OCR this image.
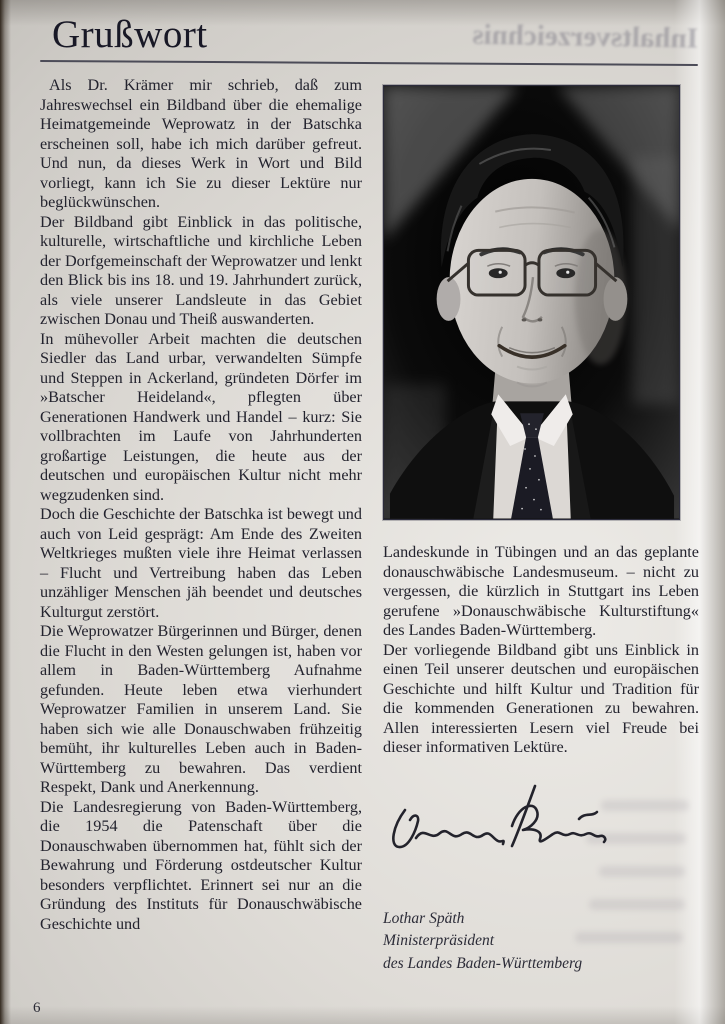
Inhaltsverzeichnis
Grußwort

Als Dr. Krämer mir schrieb, daß zum Jahreswechsel ein Bildband über die ehemalige Heimatgemeinde Weprowatz in der Batschka erscheinen soll, habe ich mich darüber gefreut. Und nun, da dieses Werk in Wort und Bild vorliegt, kann ich Sie zu dieser Lektüre nur beglückwünschen.

Der Bildband gibt Einblick in das politische, kulturelle, wirtschaftliche und kirchliche Leben der Dorfgemeinschaft der Weprowatzer und lenkt den Blick bis ins 18. und 19. Jahrhundert zurück, als viele unserer Landsleute in das Gebiet zwischen Donau und Theiß auswanderten.

In mühevoller Arbeit machten die deutschen Siedler das Land urbar, verwandelten Sümpfe und Steppen in Ackerland, gründeten Dörfer im »Batscher Heideland«, pflegten über Generationen Handwerk und Handel – kurz: Sie vollbrachten im Laufe von Jahrhunderten großartige Leistungen, die heute aus der deutschen und europäischen Kultur nicht mehr wegzudenken sind.

Doch die Geschichte der Batschka ist bewegt und auch von Leid gesprägt: Am Ende des Zweiten Weltkrieges mußten viele ihre Heimat verlassen – Flucht und Vertreibung haben das Leben unzähliger Menschen jäh beendet und deutsches Kulturgut zerstört.

Die Weprowatzer Bürgerinnen und Bürger, denen die Flucht in den Westen gelungen ist, haben vor allem in Baden-Württemberg Aufnahme gefunden. Heute leben etwa vierhundert Weprowatzer Familien in unserem Land. Sie haben sich wie alle Donauschwaben frühzeitig bemüht, ihr kulturelles Leben auch in Baden-Württemberg zu bewahren. Das verdient Respekt, Dank und Anerkennung.

Die Landesregierung von Baden-Württemberg, die 1954 die Patenschaft über die Donauschwaben übernommen hat, fühlt sich der Bewahrung und Förderung ostdeutscher Kultur besonders verpflichtet. Erinnert sei nur an die Gründung des Instituts für Donauschwäbische Geschichte und

Landeskunde in Tübingen und an das geplante donauschwäbische Landesmuseum. – nicht zu vergessen, die kürzlich in Stuttgart ins Leben gerufene »Donauschwäbische Kulturstiftung« des Landes Baden-Württemberg.

Der vorliegende Bildband gibt uns Einblick in einen Teil unserer deutschen und europäischen Geschichte und hilft Kultur und Tradition für die kommenden Generationen zu bewahren. Allen interessierten Lesern viel Freude bei dieser informativen Lektüre.

Lothar Späth
Ministerpräsident
des Landes Baden-Württemberg
6
